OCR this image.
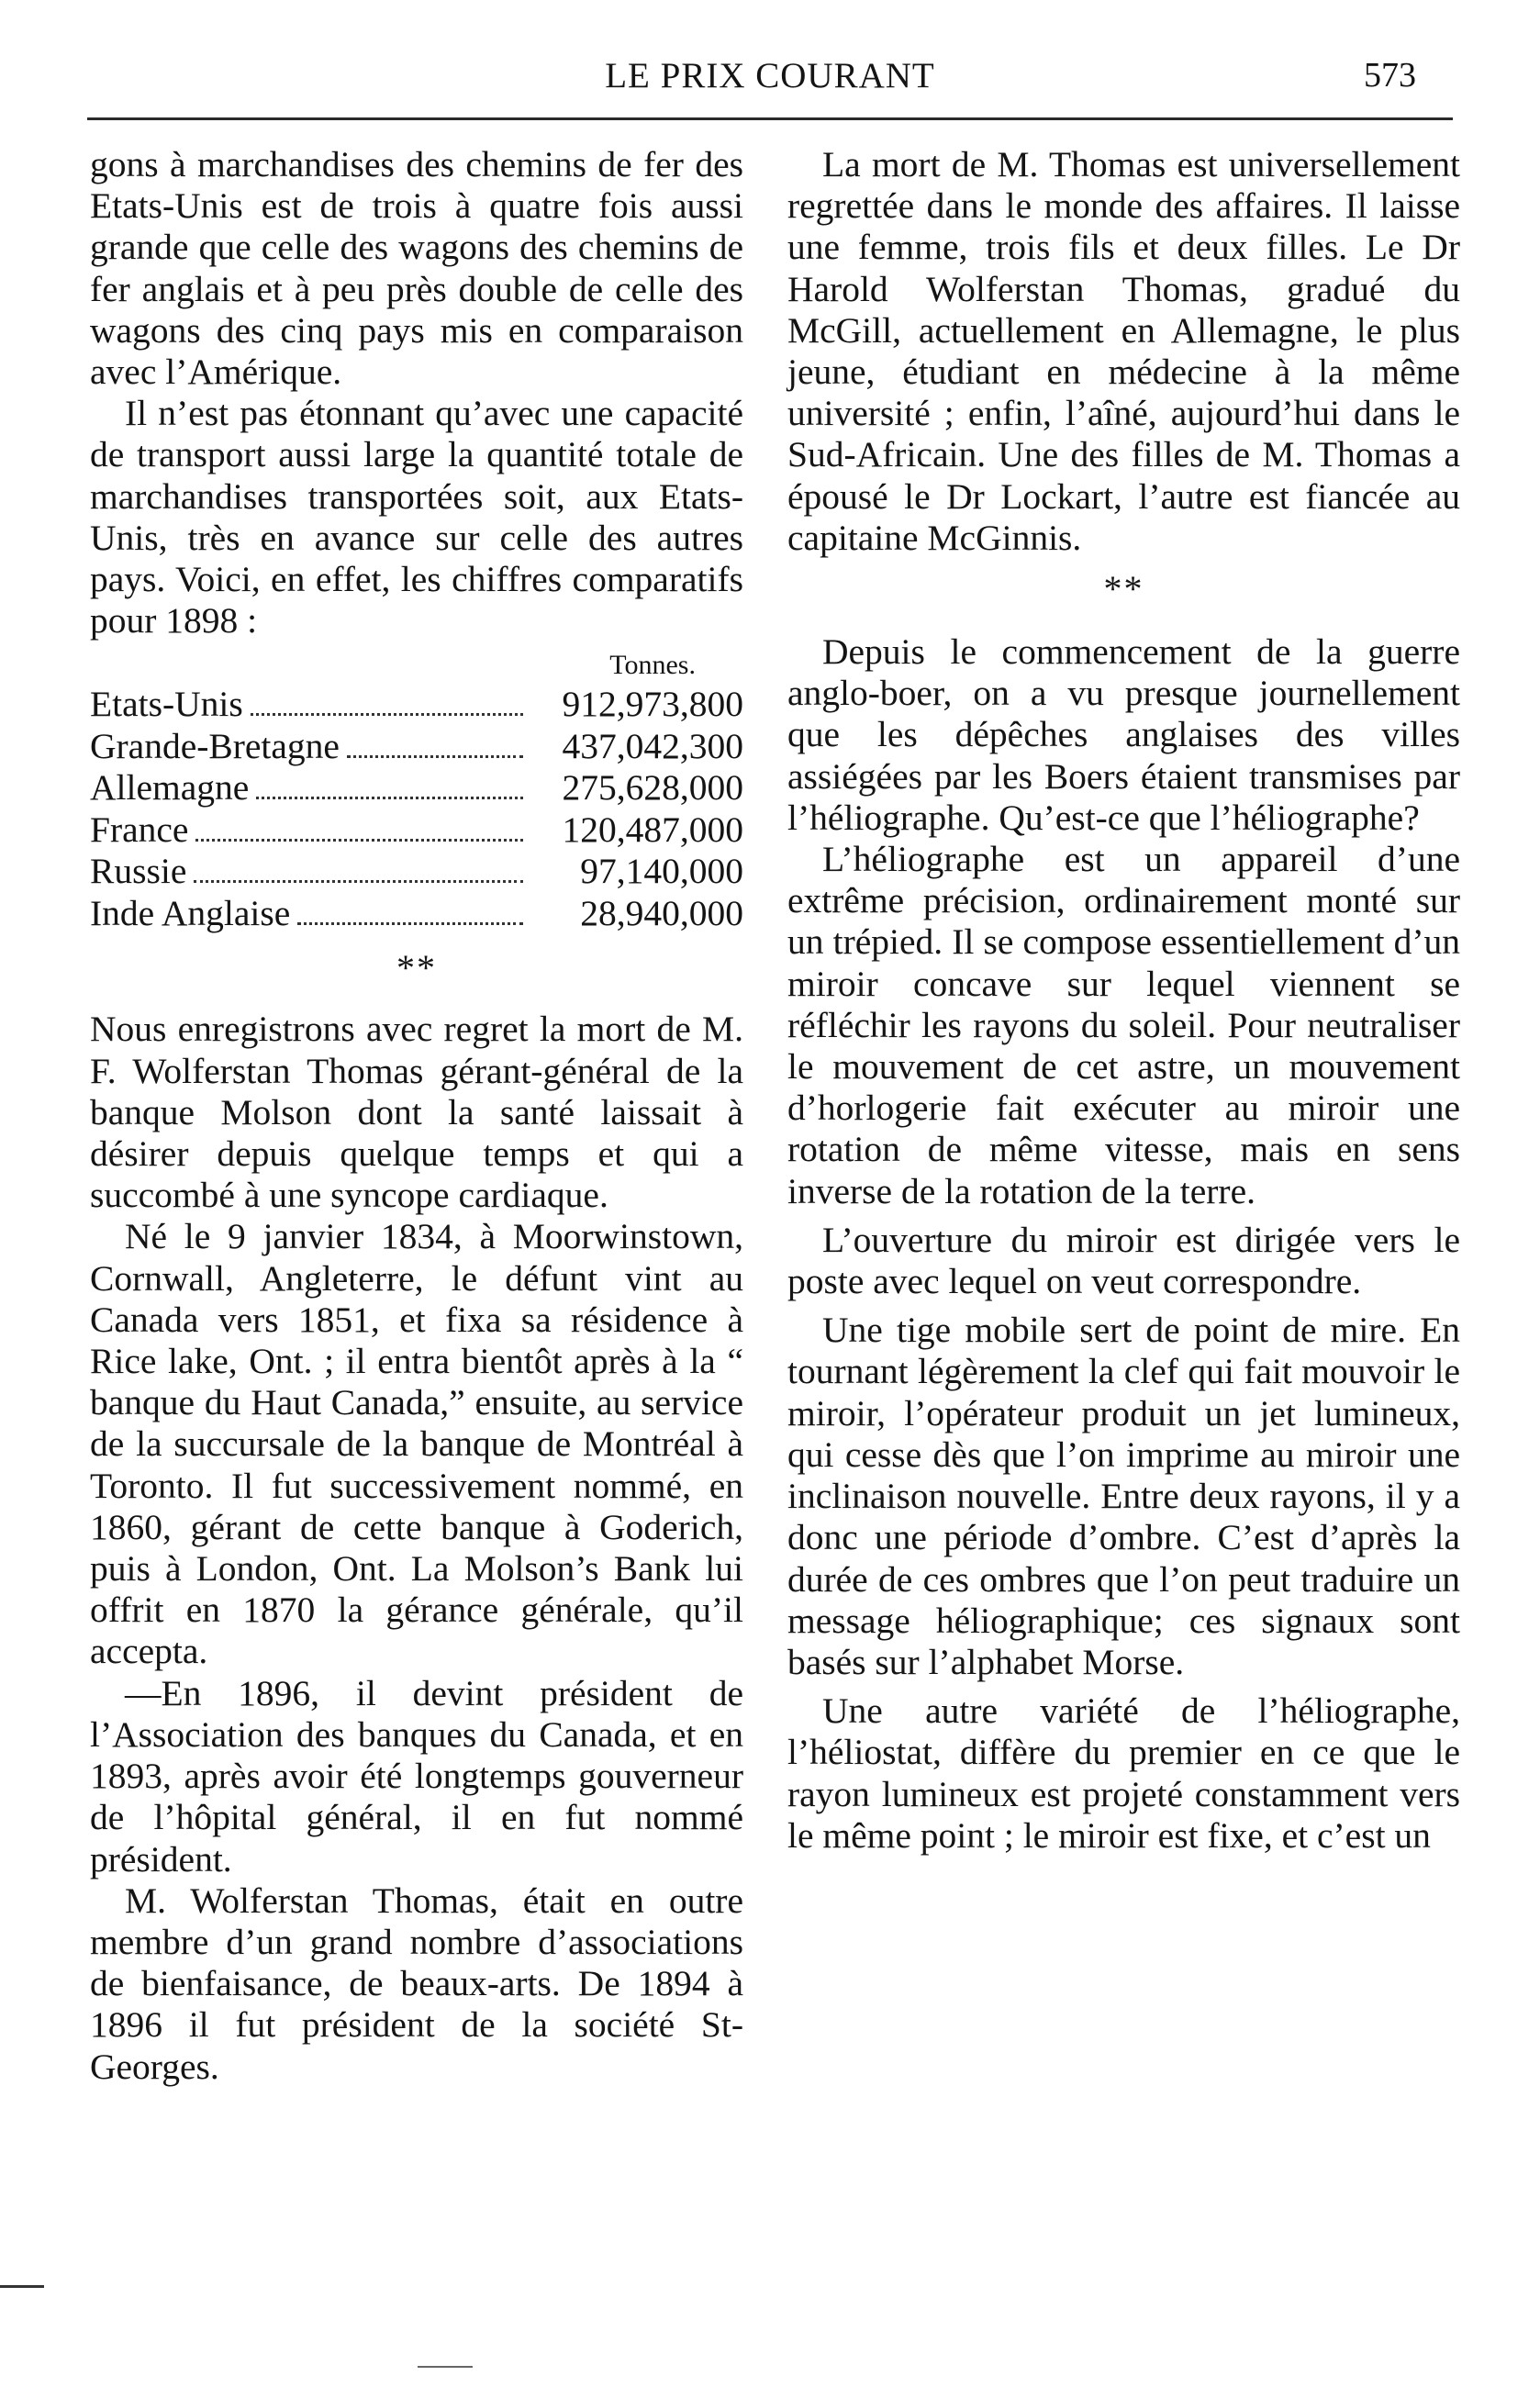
LE PRIX COURANT	573

gons à marchandises des chemins de fer des Etats-Unis est de trois à quatre fois aussi grande que celle des wagons des chemins de fer anglais et à peu près double de celle des wagons des cinq pays mis en comparaison avec l’Amérique.

Il n’est pas étonnant qu’avec une capacité de transport aussi large la quantité totale de marchandises transportées soit, aux Etats-Unis, très en avance sur celle des autres pays. Voici, en effet, les chiffres comparatifs pour 1898 :

Tonnes.
Etats-Unis	912,973,800
Grande-Bretagne	437,042,300
Allemagne	275,628,000
France	120,487,000
Russie	97,140,000
Inde Anglaise	28,940,000
**

Nous enregistrons avec regret la mort de M. F. Wolferstan Thomas gérant-général de la banque Molson dont la santé laissait à désirer depuis quelque temps et qui a succombé à une syncope cardiaque.

Né le 9 janvier 1834, à Moorwinstown, Cornwall, Angleterre, le défunt vint au Canada vers 1851, et fixa sa résidence à Rice lake, Ont. ; il entra bientôt après à la “ banque du Haut Canada,” ensuite, au service de la succursale de la banque de Montréal à Toronto. Il fut successivement nommé, en 1860, gérant de cette banque à Goderich, puis à London, Ont. La Molson’s Bank lui offrit en 1870 la gérance générale, qu’il accepta.

—En 1896, il devint président de l’Association des banques du Canada, et en 1893, après avoir été longtemps gouverneur de l’hôpital général, il en fut nommé président.

M. Wolferstan Thomas, était en outre membre d’un grand nombre d’associations de bienfaisance, de beaux-arts. De 1894 à 1896 il fut président de la société St-Georges.

La mort de M. Thomas est universellement regrettée dans le monde des affaires. Il laisse une femme, trois fils et deux filles. Le Dr Harold Wolferstan Thomas, gradué du McGill, actuellement en Allemagne, le plus jeune, étudiant en médecine à la même université ; enfin, l’aîné, aujourd’hui dans le Sud-Africain. Une des filles de M. Thomas a épousé le Dr Lockart, l’autre est fiancée au capitaine McGinnis.

**

Depuis le commencement de la guerre anglo-boer, on a vu presque journellement que les dépêches anglaises des villes assiégées par les Boers étaient transmises par l’héliographe. Qu’est-ce que l’héliographe?

L’héliographe est un appareil d’une extrême précision, ordinairement monté sur un trépied. Il se compose essentiellement d’un miroir concave sur lequel viennent se réfléchir les rayons du soleil. Pour neutraliser le mouvement de cet astre, un mouvement d’horlogerie fait exécuter au miroir une rotation de même vitesse, mais en sens inverse de la rotation de la terre.

L’ouverture du miroir est dirigée vers le poste avec lequel on veut correspondre.

Une tige mobile sert de point de mire. En tournant légèrement la clef qui fait mouvoir le miroir, l’opérateur produit un jet lumineux, qui cesse dès que l’on imprime au miroir une inclinaison nouvelle. Entre deux rayons, il y a donc une période d’ombre. C’est d’après la durée de ces ombres que l’on peut traduire un message héliographique; ces signaux sont basés sur l’alphabet Morse.

Une autre variété de l’héliographe, l’héliostat, diffère du premier en ce que le rayon lumineux est projeté constamment vers le même point ; le miroir est fixe, et c’est un
